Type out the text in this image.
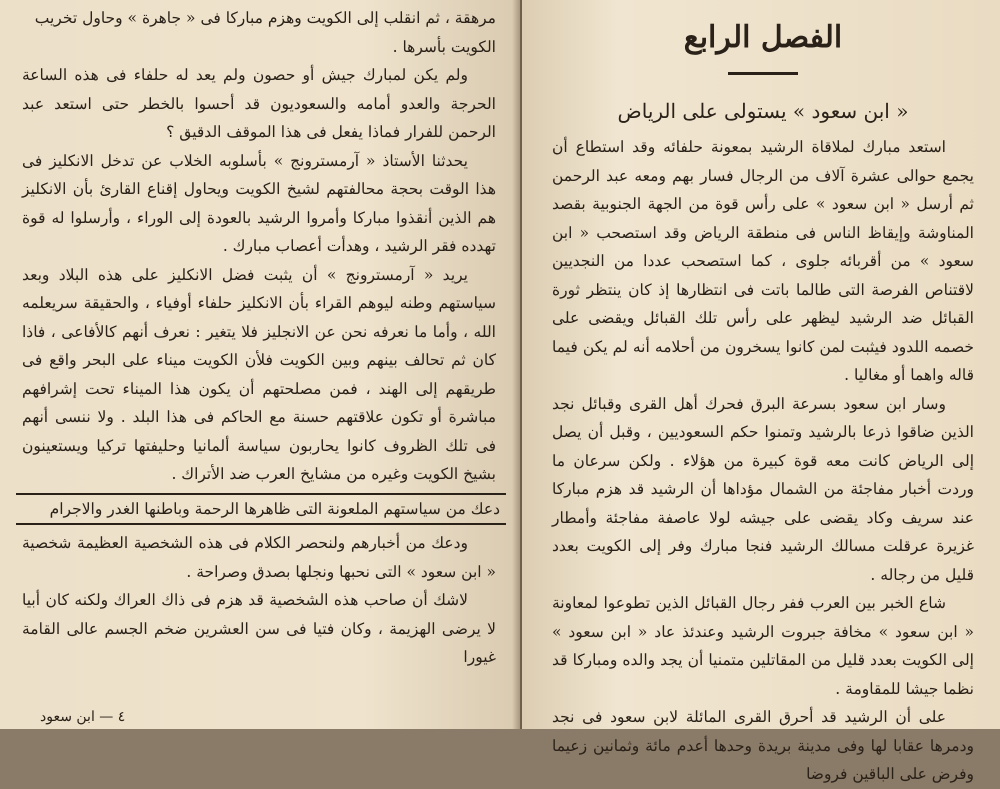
مرهقة ، ثم انقلب إلى الكويت وهزم مباركا فى « جاهرة » وحاول تخريب

الكويت بأسرها .

ولم يكن لمبارك جيش أو حصون ولم يعد له حلفاء فى هذه الساعة الحرجة والعدو أمامه والسعوديون قد أحسوا بالخطر حتى استعد عبد الرحمن للفرار فماذا يفعل فى هذا الموقف الدقيق ؟

يحدثنا الأستاذ « آرمسترونج » بأسلوبه الخلاب عن تدخل الانكليز فى هذا الوقت بحجة محالفتهم لشيخ الكويت ويحاول إقناع القارئ بأن الانكليز هم الذين أنقذوا مباركا وأمروا الرشيد بالعودة إلى الوراء ، وأرسلوا له قوة تهدده فقر الرشيد ، وهدأت أعصاب مبارك .

يريد « آرمسترونج » أن يثبت فضل الانكليز على هذه البلاد وبعد سياستهم وطنه ليوهم القراء بأن الانكليز حلفاء أوفياء ، والحقيقة سريعلمه الله ، وأما ما نعرفه نحن عن الانجليز فلا يتغير : نعرف أنهم كالأفاعى ، فاذا كان ثم تحالف بينهم وبين الكويت فلأن الكويت ميناء على البحر واقع فى طريقهم إلى الهند ، فمن مصلحتهم أن يكون هذا الميناء تحت إشرافهم مباشرة أو تكون علاقتهم حسنة مع الحاكم فى هذا البلد . ولا ننسى أنهم فى تلك الظروف كانوا يحاربون سياسة ألمانيا وحليفتها تركيا ويستعينون بشيخ الكويت وغيره من مشايخ العرب ضد الأتراك .

دعك من سياستهم الملعونة التى ظاهرها الرحمة وباطنها الغدر والاجرام

ودعك من أخبارهم ولنحصر الكلام فى هذه الشخصية العظيمة شخصية « ابن سعود » التى نحبها ونجلها بصدق وصراحة .

لاشك أن صاحب هذه الشخصية قد هزم فى ذاك العراك ولكنه كان أبيا لا يرضى الهزيمة ، وكان فتيا فى سن العشرين ضخم الجسم عالى القامة غيورا

٤ — ابن سعود
الفصل الرابع
« ابن سعود » يستولى على الرياض

استعد مبارك لملاقاة الرشيد بمعونة حلفائه وقد استطاع أن يجمع حوالى عشرة آلاف من الرجال فسار بهم ومعه عبد الرحمن ثم أرسل « ابن سعود » على رأس قوة من الجهة الجنوبية بقصد المناوشة وإيقاظ الناس فى منطقة الرياض وقد استصحب « ابن سعود » من أقربائه جلوى ، كما استصحب عددا من النجديين لاقتناص الفرصة التى طالما باتت فى انتظارها إذ كان ينتظر ثورة القبائل ضد الرشيد ليظهر على رأس تلك القبائل ويقضى على خصمه اللدود فيثبت لمن كانوا يسخرون من أحلامه أنه لم يكن فيما قاله واهما أو مغاليا .

وسار ابن سعود بسرعة البرق فحرك أهل القرى وقبائل نجد الذين ضاقوا ذرعا بالرشيد وتمنوا حكم السعوديين ، وقبل أن يصل إلى الرياض كانت معه قوة كبيرة من هؤلاء . ولكن سرعان ما وردت أخبار مفاجئة من الشمال مؤداها أن الرشيد قد هزم مباركا عند سريف وكاد يقضى على جيشه لولا عاصفة مفاجئة وأمطار غزيرة عرقلت مسالك الرشيد فنجا مبارك وفر إلى الكويت بعدد قليل من رجاله .

شاع الخبر بين العرب ففر رجال القبائل الذين تطوعوا لمعاونة « ابن سعود » مخافة جبروت الرشيد وعندئذ عاد « ابن سعود » إلى الكويت بعدد قليل من المقاتلين متمنيا أن يجد والده ومباركا قد نظما جيشا للمقاومة .

على أن الرشيد قد أحرق القرى المائلة لابن سعود فى نجد ودمرها عقابا لها وفى مدينة بريدة وحدها أعدم مائة وثمانين زعيما وفرض على الباقين فروضا
